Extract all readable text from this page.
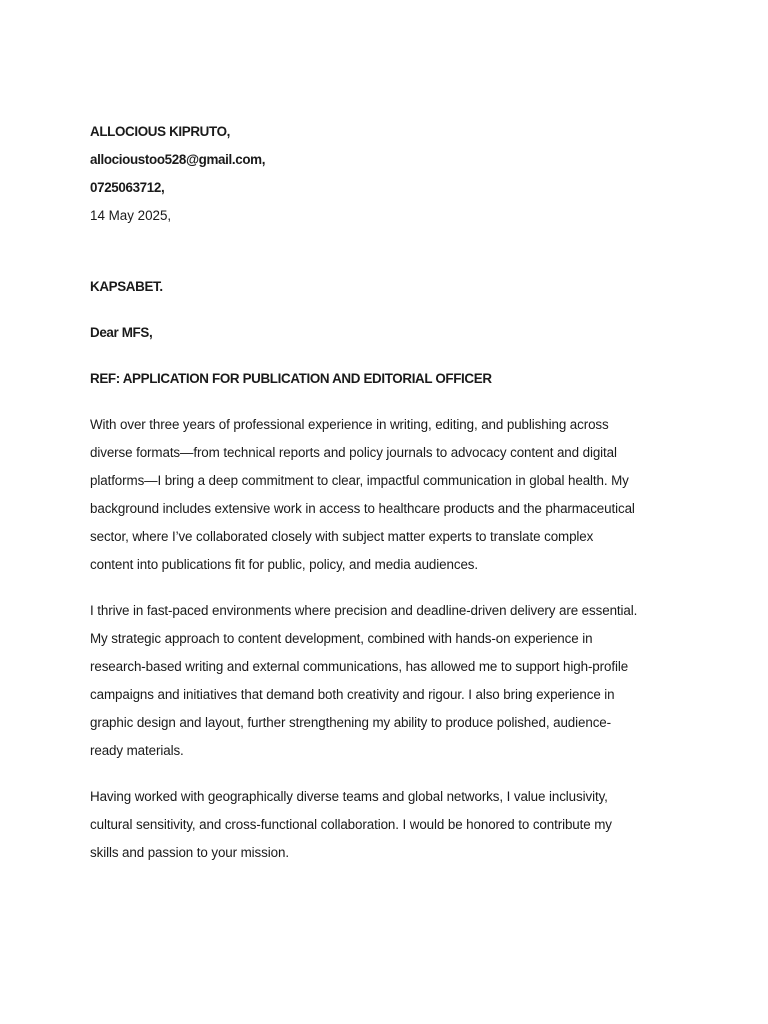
ALLOCIOUS KIPRUTO,
allocioustoo528@gmail.com,
0725063712,
14 May 2025,
KAPSABET.
Dear MFS,
REF: APPLICATION FOR PUBLICATION AND EDITORIAL OFFICER
With over three years of professional experience in writing, editing, and publishing across
diverse formats—from technical reports and policy journals to advocacy content and digital
platforms—I bring a deep commitment to clear, impactful communication in global health. My
background includes extensive work in access to healthcare products and the pharmaceutical
sector, where I’ve collaborated closely with subject matter experts to translate complex
content into publications fit for public, policy, and media audiences.
I thrive in fast-paced environments where precision and deadline-driven delivery are essential.
My strategic approach to content development, combined with hands-on experience in
research-based writing and external communications, has allowed me to support high-profile
campaigns and initiatives that demand both creativity and rigour. I also bring experience in
graphic design and layout, further strengthening my ability to produce polished, audience-
ready materials.
Having worked with geographically diverse teams and global networks, I value inclusivity,
cultural sensitivity, and cross-functional collaboration. I would be honored to contribute my
skills and passion to your mission.
